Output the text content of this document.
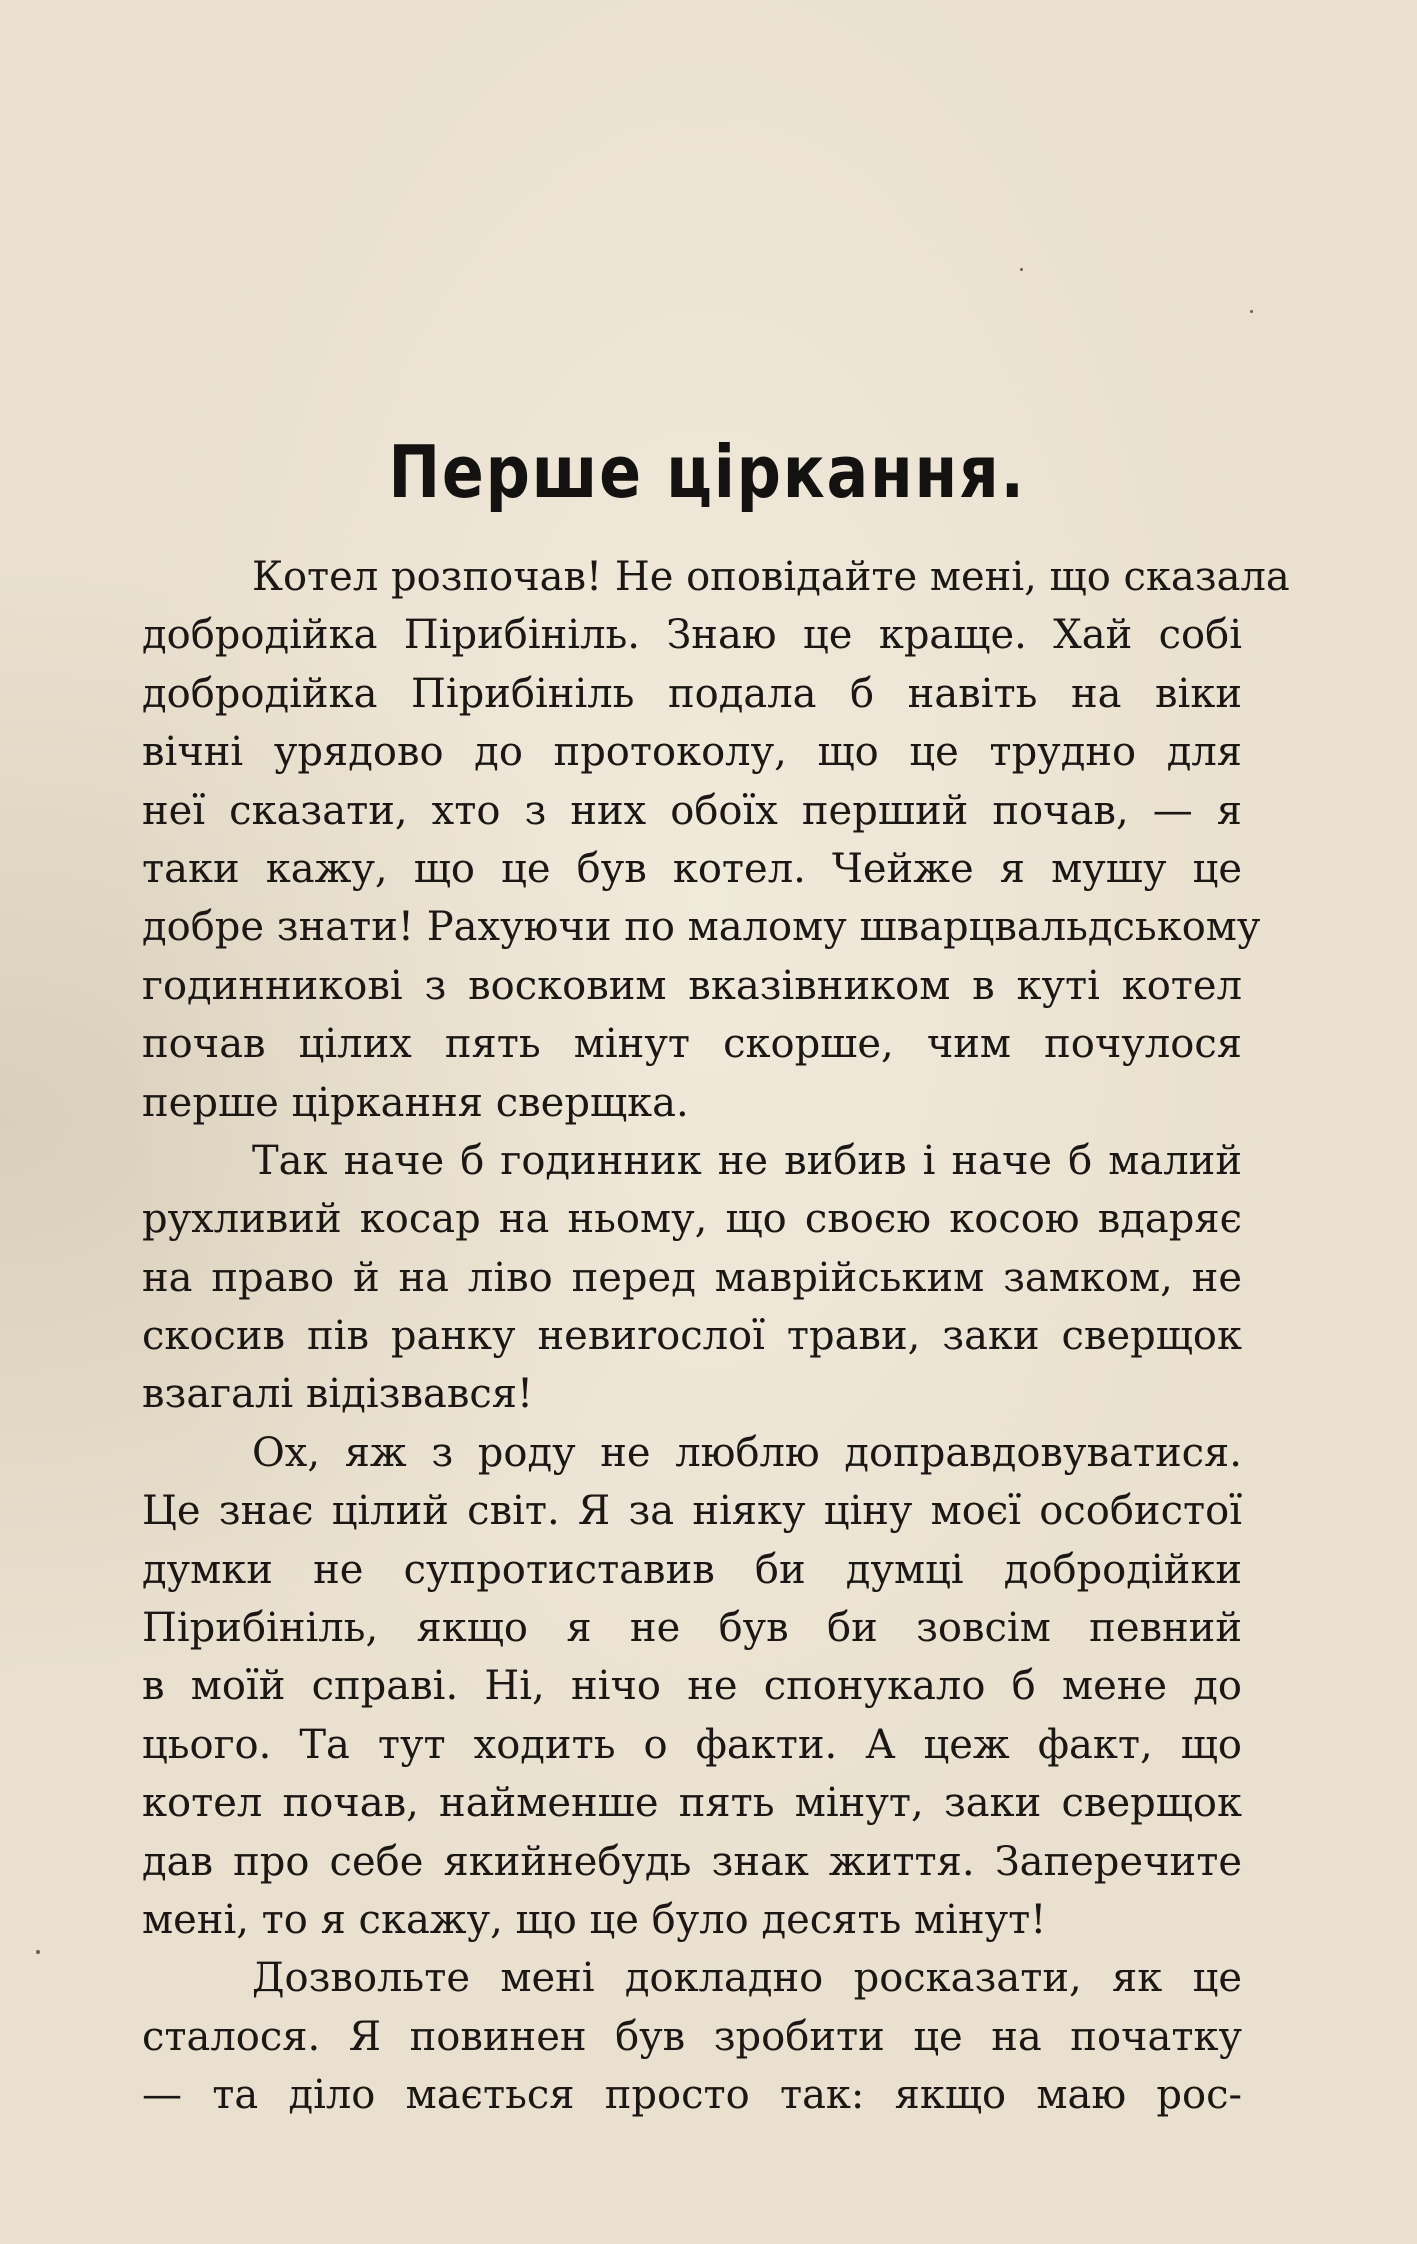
Перше ціркання.
Котел розпочав! Не оповідайте мені, що сказала
добродійка Пірибініль. Знаю це краще. Хай собі
добродійка Пірибініль подала б навіть на віки
вічні урядово до протоколу, що це трудно для
неї сказати, хто з них обоїх перший почав, — я
таки кажу, що це був котел. Чейже я мушу це
добре знати! Рахуючи по малому шварцвальдському
годинникові з восковим вказівником в куті котел
почав цілих пять мінут скорше, чим почулося
перше ціркання сверщка.
Так наче б годинник не вибив і наче б малий
рухливий косар на ньому, що своєю косою вдаряє
на право й на ліво перед маврійським замком, не
скосив пів ранку невиrослої трави, заки сверщок
взагалі відізвався!
Ох, яж з роду не люблю доправдовуватися.
Це знає цілий світ. Я за ніяку ціну моєї особистої
думки не супротиставив би думці добродійки
Пірибініль, якщо я не був би зовсім певний
в моїй справі. Ні, нічо не спонукало б мене до
цього. Та тут ходить о факти. А цеж факт, що
котел почав, найменше пять мінут, заки сверщок
дав про себе якийнебудь знак життя. Заперечите
мені, то я скажу, що це було десять мінут!
Дозвольте мені докладно росказати, як це
сталося. Я повинен був зробити це на початку
— та діло мається просто так: якщо маю рос-
